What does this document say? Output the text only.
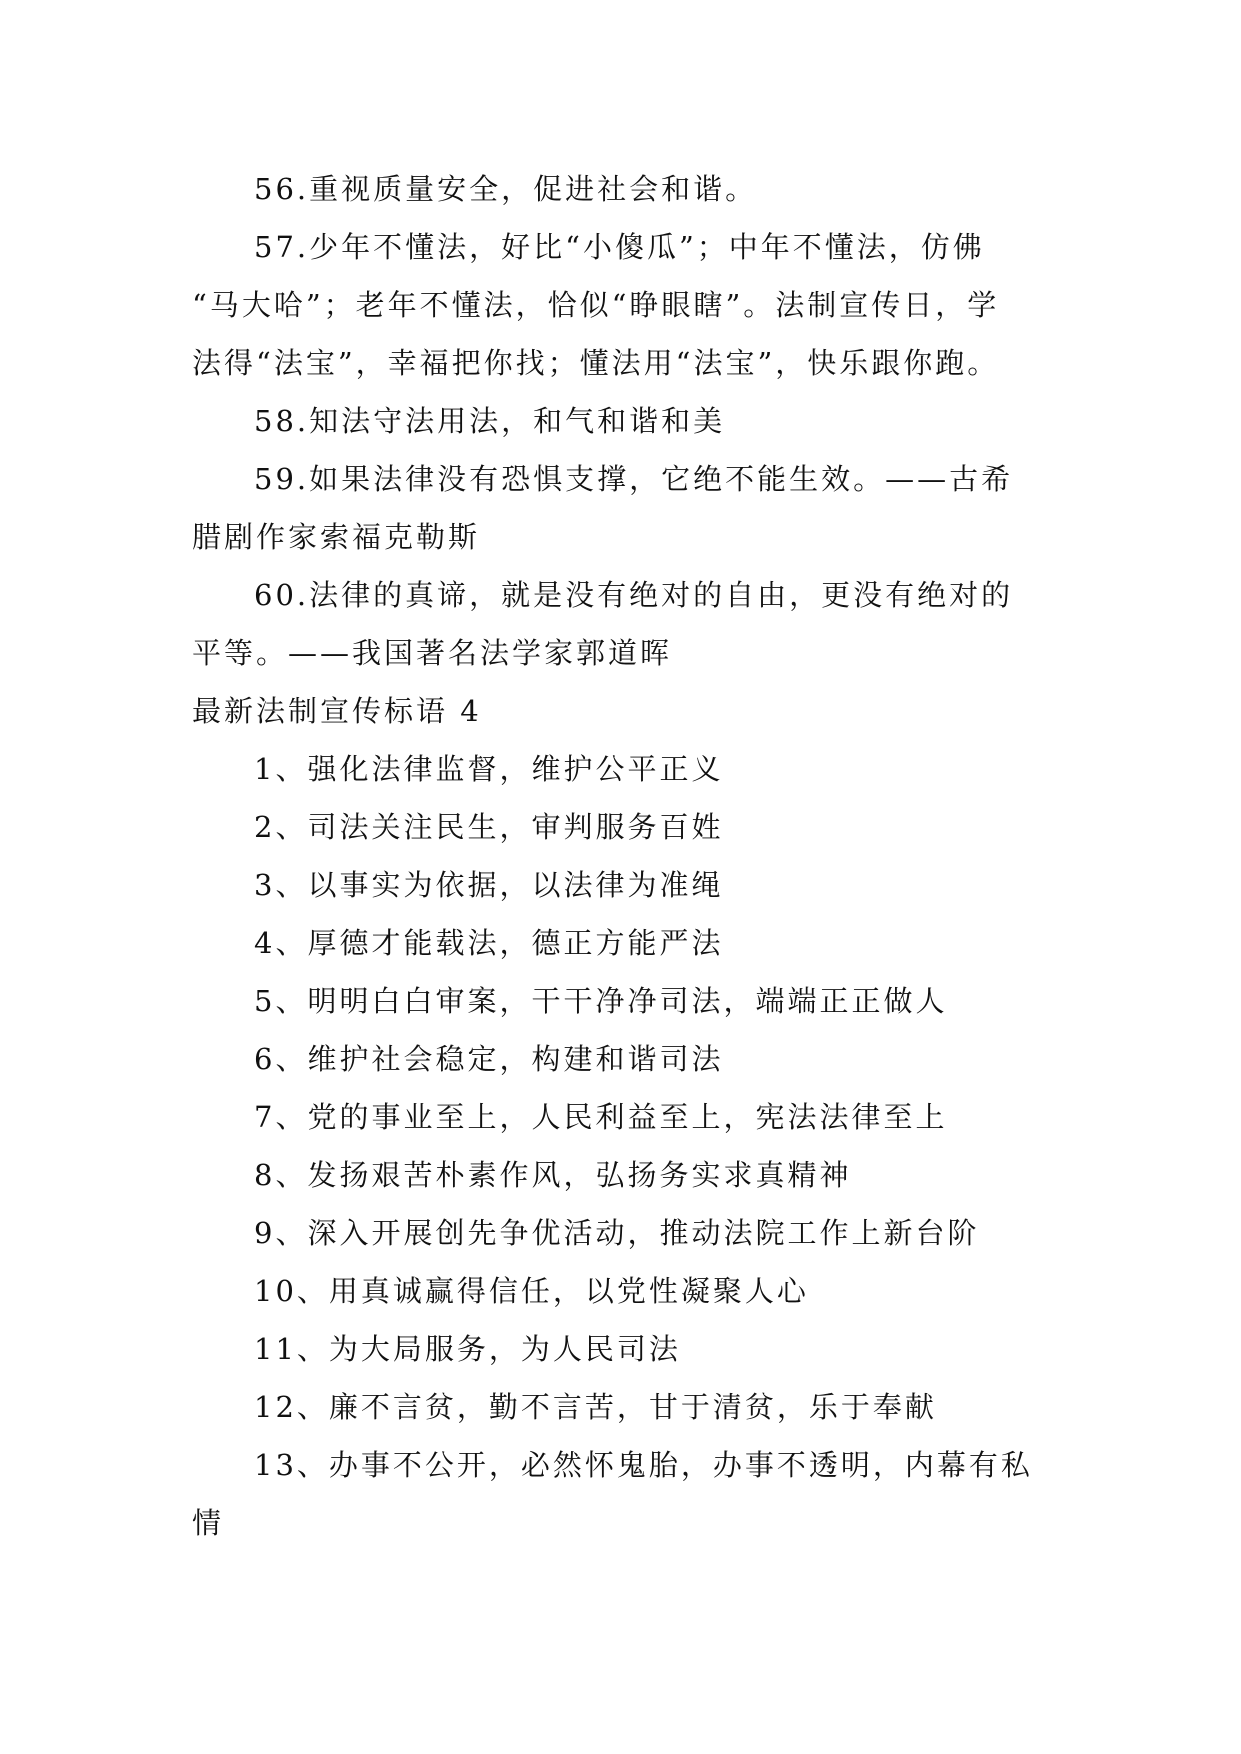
56.重视质量安全，促进社会和谐。

57.少年不懂法，好比“小傻瓜”；中年不懂法，仿佛

“马大哈”；老年不懂法，恰似“睁眼瞎”。法制宣传日，学

法得“法宝”，幸福把你找；懂法用“法宝”，快乐跟你跑。

58.知法守法用法，和气和谐和美

59.如果法律没有恐惧支撑，它绝不能生效。——古希

腊剧作家索福克勒斯

60.法律的真谛，就是没有绝对的自由，更没有绝对的

平等。——我国著名法学家郭道晖

最新法制宣传标语 4

1、强化法律监督，维护公平正义

2、司法关注民生，审判服务百姓

3、以事实为依据，以法律为准绳

4、厚德才能载法，德正方能严法

5、明明白白审案，干干净净司法，端端正正做人

6、维护社会稳定，构建和谐司法

7、党的事业至上，人民利益至上，宪法法律至上

8、发扬艰苦朴素作风，弘扬务实求真精神

9、深入开展创先争优活动，推动法院工作上新台阶

10、用真诚赢得信任，以党性凝聚人心

11、为大局服务，为人民司法

12、廉不言贫，勤不言苦，甘于清贫，乐于奉献

13、办事不公开，必然怀鬼胎，办事不透明，内幕有私

情
